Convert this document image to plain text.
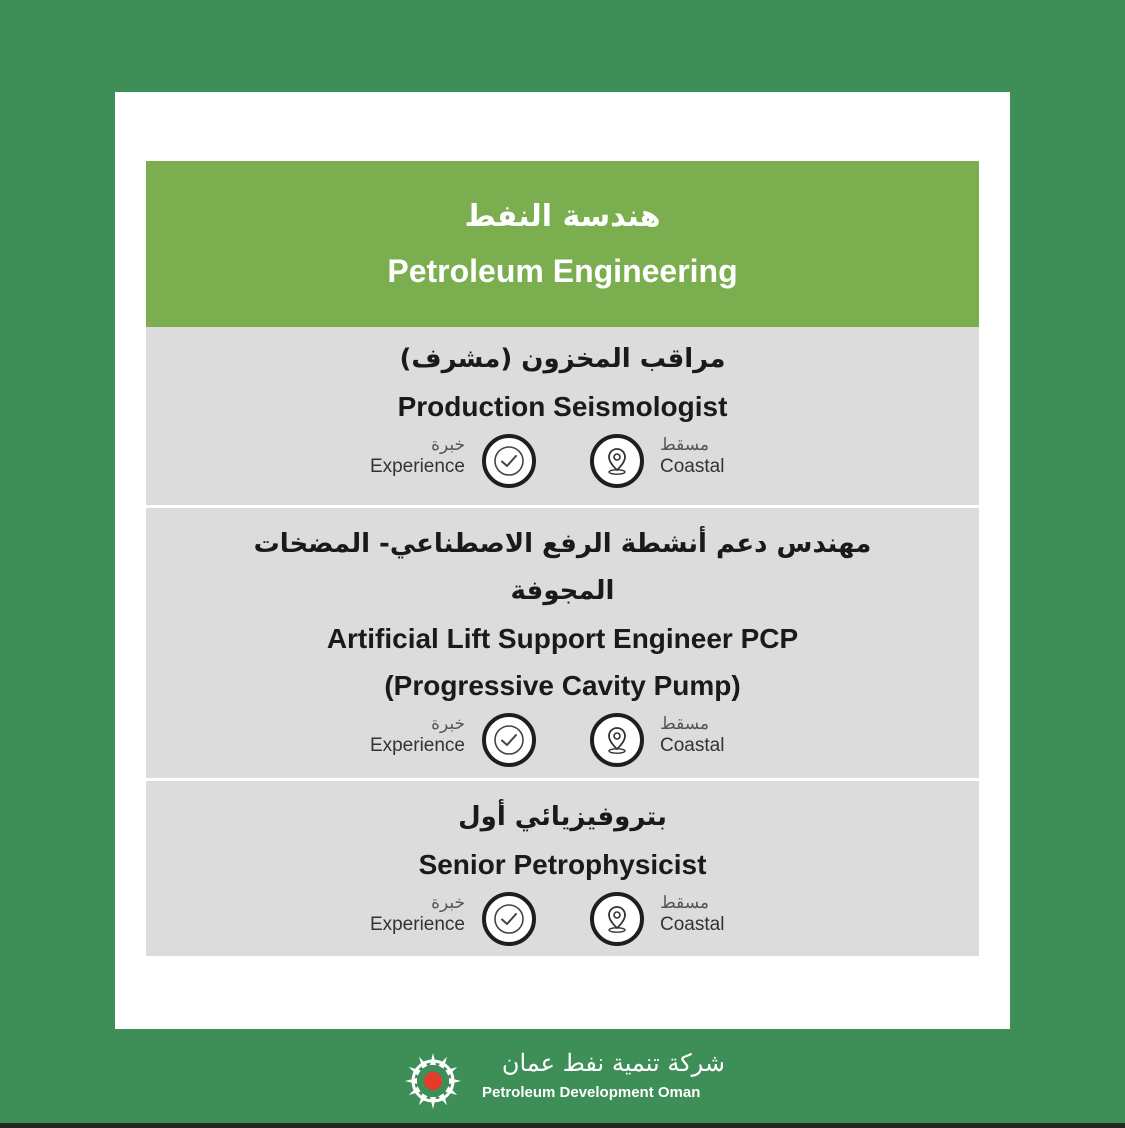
هندسة النفط
Petroleum Engineering
مراقب المخزون (مشرف)
Production Seismologist
خبرة
Experience
مسقط
Coastal
مهندس دعم أنشطة الرفع الاصطناعي- المضخات
المجوفة
Artificial Lift Support Engineer PCP
(Progressive Cavity Pump)
خبرة
Experience
مسقط
Coastal
بتروفيزيائي أول
Senior Petrophysicist
خبرة
Experience
مسقط
Coastal
شركة تنمية نفط عمان
Petroleum Development Oman
